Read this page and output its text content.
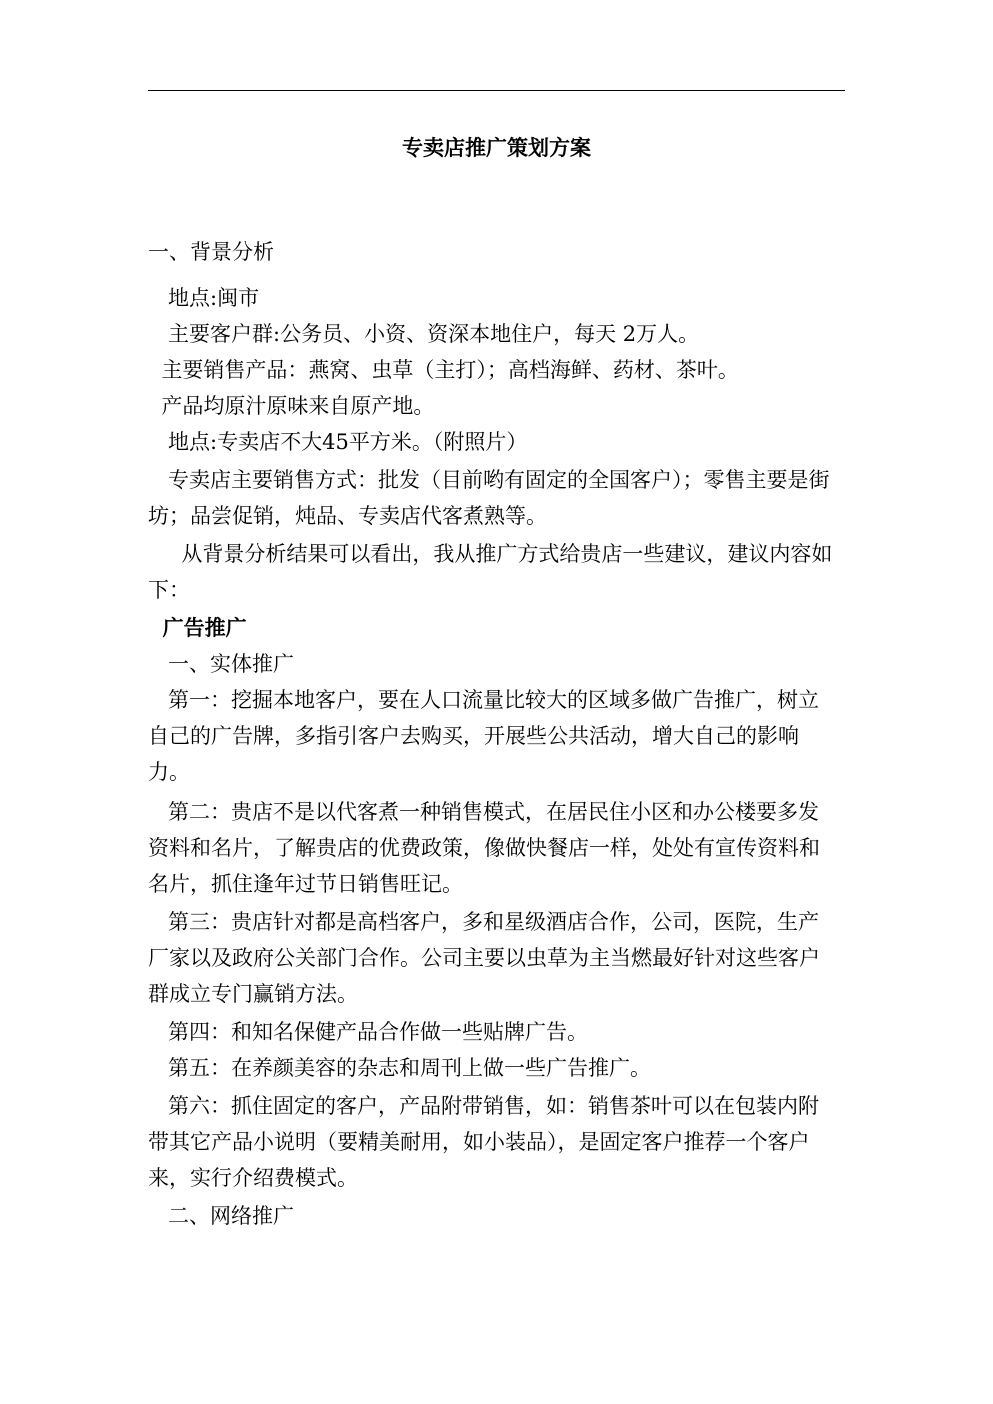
专卖店推广策划方案
一、背景分析
地点:闽市
主要客户群:公务员、小资、资深本地住户，每天 2万人。
主要销售产品：燕窝、虫草（主打）；高档海鲜、药材、茶叶。
产品均原汁原味来自原产地。
地点:专卖店不大45平方米。（附照片）
专卖店主要销售方式：批发（目前哟有固定的全国客户）；零售主要是街坊；品尝促销，炖品、专卖店代客煮熟等。
从背景分析结果可以看出，我从推广方式给贵店一些建议，建议内容如下：
广告推广
一、实体推广
第一：挖掘本地客户，要在人口流量比较大的区域多做广告推广，树立自己的广告牌，多指引客户去购买，开展些公共活动，增大自己的影响力。
第二：贵店不是以代客煮一种销售模式，在居民住小区和办公楼要多发资料和名片，了解贵店的优费政策，像做快餐店一样，处处有宣传资料和名片，抓住逢年过节日销售旺记。
第三：贵店针对都是高档客户，多和星级酒店合作，公司，医院，生产厂家以及政府公关部门合作。公司主要以虫草为主当燃最好针对这些客户群成立专门赢销方法。
第四：和知名保健产品合作做一些贴牌广告。
第五：在养颜美容的杂志和周刊上做一些广告推广。
第六：抓住固定的客户，产品附带销售，如：销售茶叶可以在包装内附带其它产品小说明（要精美耐用，如小装品），是固定客户推荐一个客户来，实行介绍费模式。
二、网络推广
